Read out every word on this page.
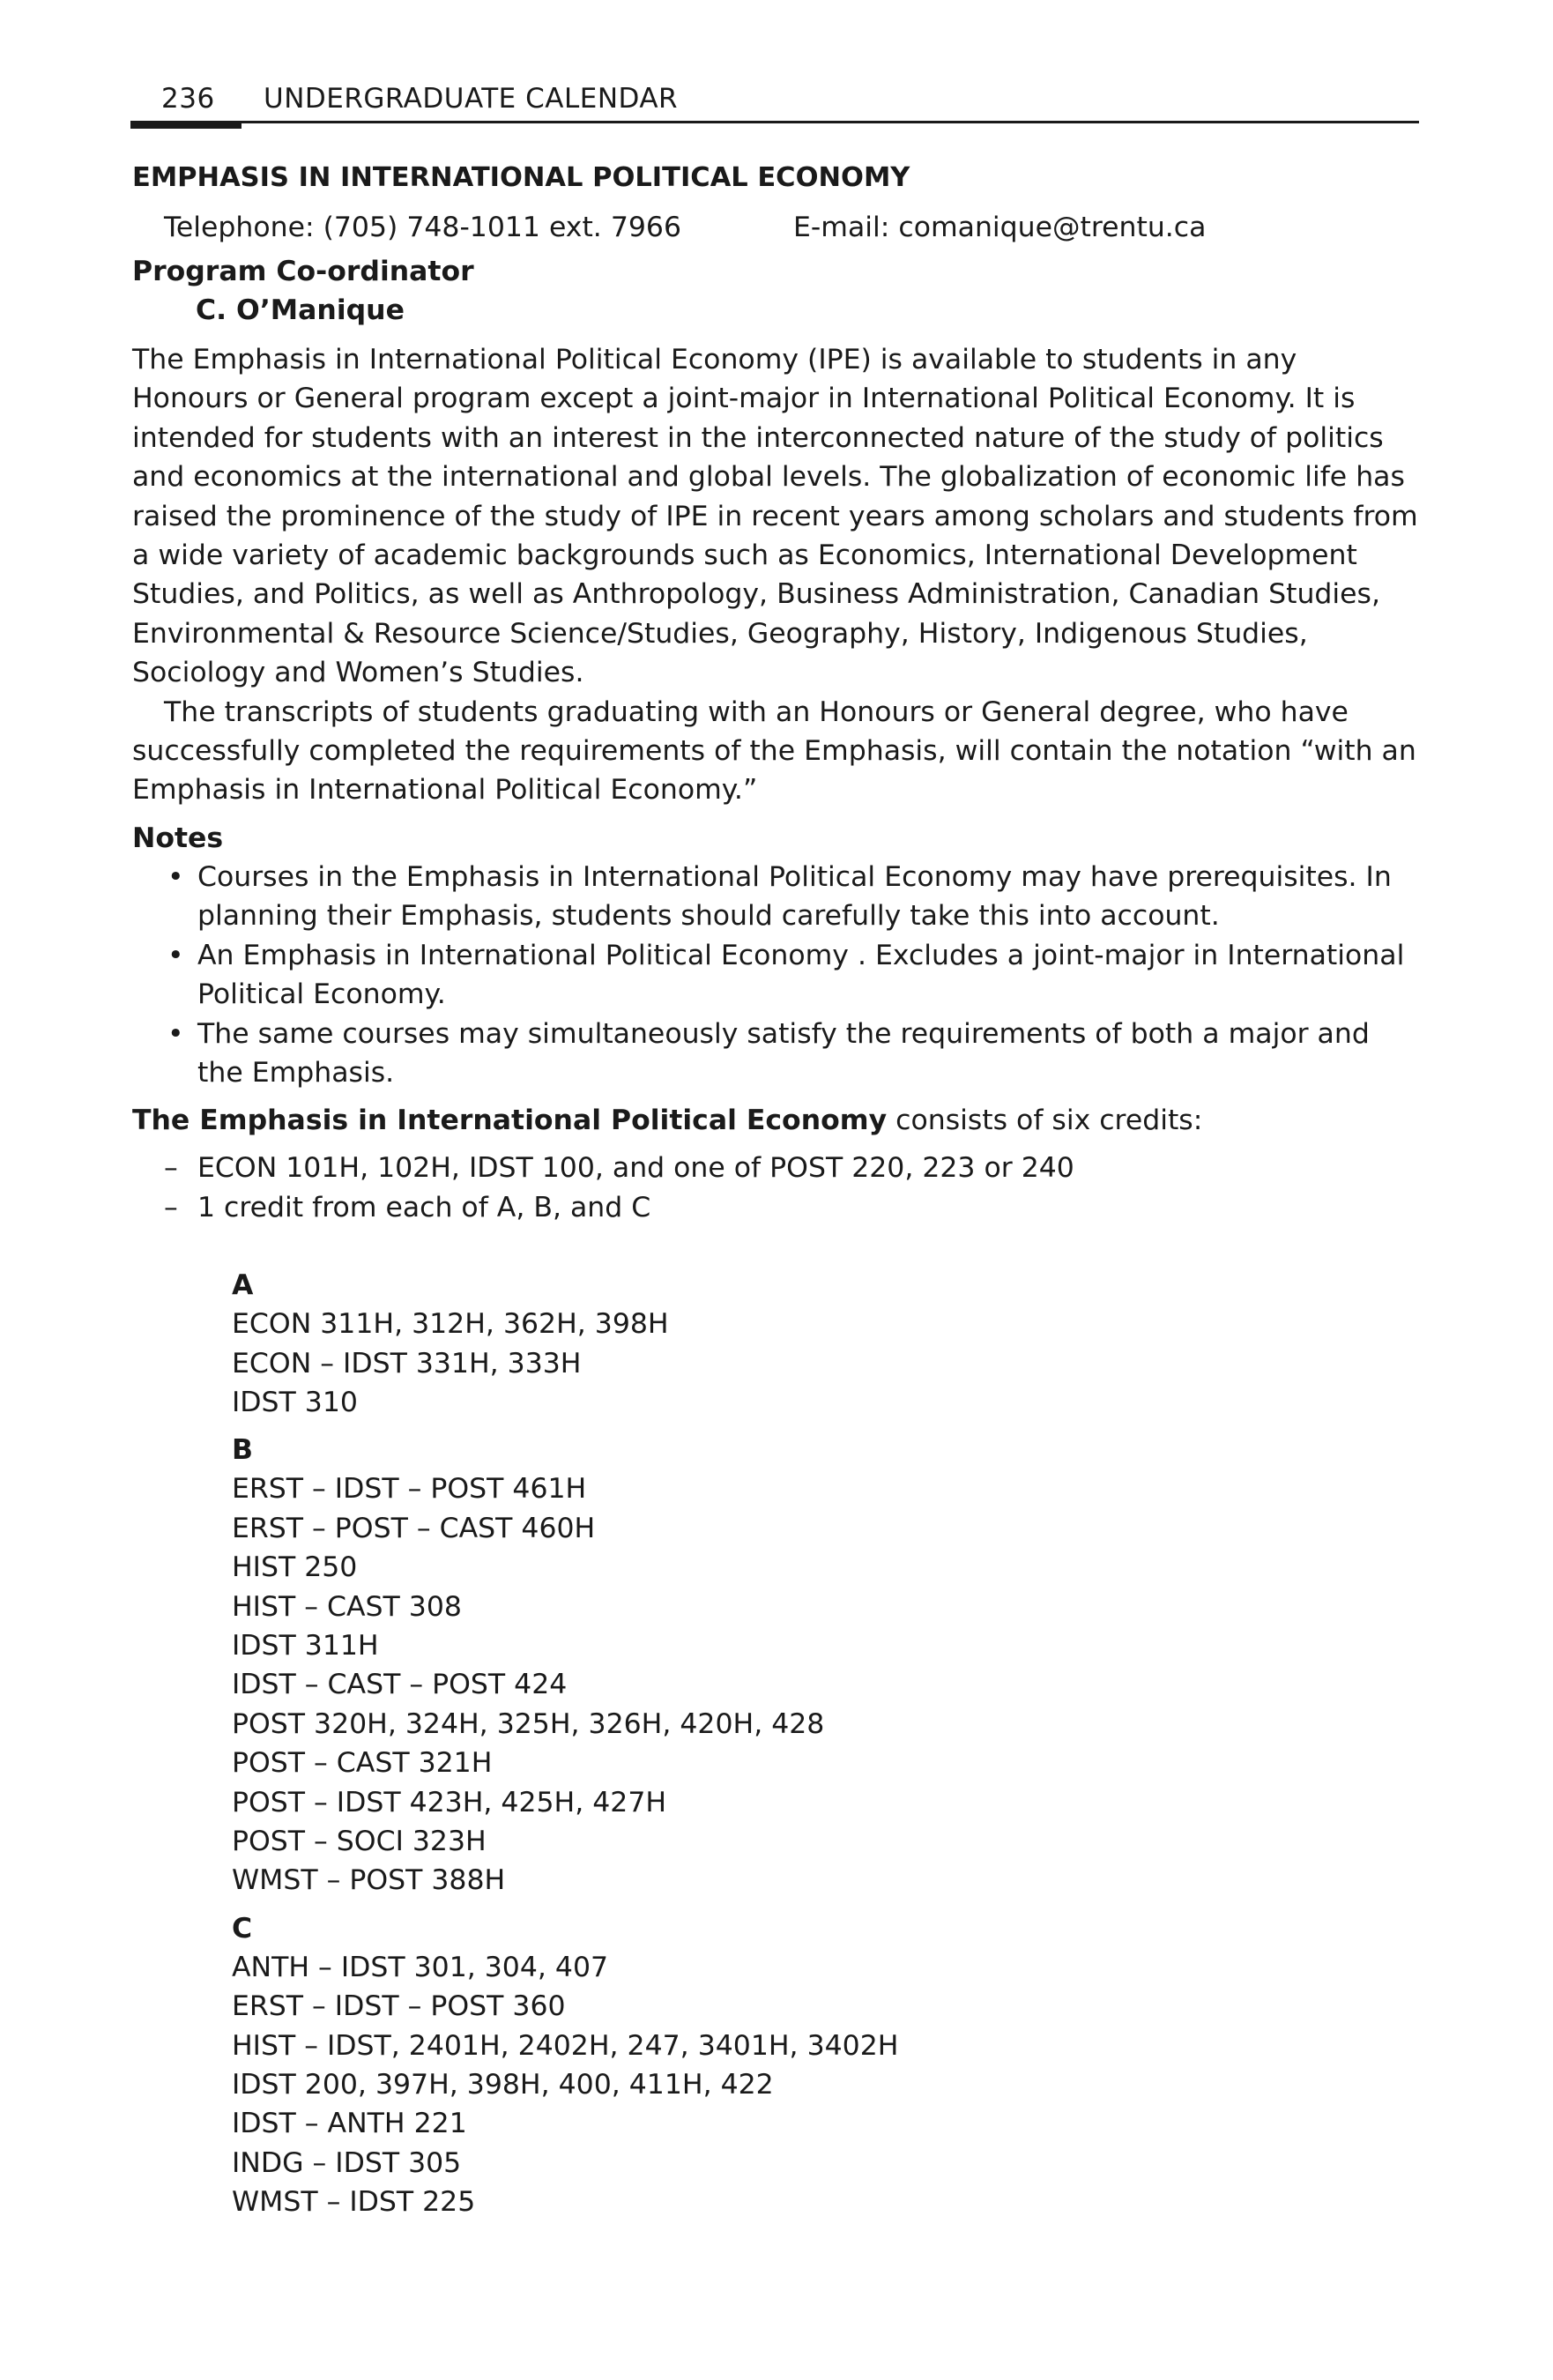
236 UNDERGRADUATE CALENDAR
EMPHASIS IN INTERNATIONAL POLITICAL ECONOMY
Telephone: (705) 748-1011 ext. 7966	E-mail: comanique@trentu.ca
Program Co-ordinator
C. O’Manique

The Emphasis in International Political Economy (IPE) is available to students in any Honours or General program except a joint-major in International Political Economy. It is intended for students with an interest in the interconnected nature of the study of politics and economics at the international and global levels. The globalization of economic life has raised the prominence of the study of IPE in recent years among scholars and students from a wide variety of academic backgrounds such as Economics, International Development Studies, and Politics, as well as Anthropology, Business Administration, Canadian Studies, Environmental & Resource Science/Studies, Geography, History, Indigenous Studies, Sociology and Women’s Studies.

The transcripts of students graduating with an Honours or General degree, who have successfully completed the requirements of the Emphasis, will contain the notation “with an Emphasis in International Political Economy.”

Notes
• Courses in the Emphasis in International Political Economy may have prerequisites. In planning their Emphasis, students should carefully take this into account.
• An Emphasis in International Political Economy . Excludes a joint-major in International Political Economy.
• The same courses may simultaneously satisfy the requirements of both a major and the Emphasis.
The Emphasis in International Political Economy consists of six credits:
– ECON 101H, 102H, IDST 100, and one of POST 220, 223 or 240
– 1 credit from each of A, B, and C
A
ECON 311H, 312H, 362H, 398H
ECON – IDST 331H, 333H
IDST 310
B
ERST – IDST – POST 461H
ERST – POST – CAST 460H
HIST 250
HIST – CAST 308
IDST 311H
IDST – CAST – POST 424
POST 320H, 324H, 325H, 326H, 420H, 428
POST – CAST 321H
POST – IDST 423H, 425H, 427H
POST – SOCI 323H
WMST – POST 388H
C
ANTH – IDST 301, 304, 407
ERST – IDST – POST 360
HIST – IDST, 2401H, 2402H, 247, 3401H, 3402H
IDST 200, 397H, 398H, 400, 411H, 422
IDST – ANTH 221
INDG – IDST 305
WMST – IDST 225
